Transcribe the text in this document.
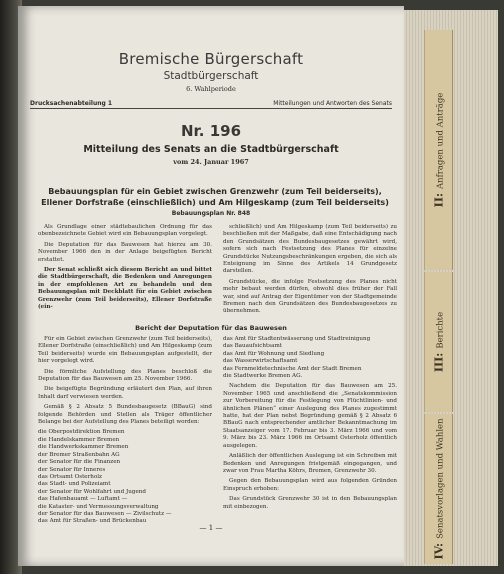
II:Anfragen und Anträge
III:Berichte
IV:Senatsvorlagen und Wahlen
Bremische Bürgerschaft
Stadtbürgerschaft
6. Wahlperiode
Drucksachenabteilung 1	Mitteilungen und Antworten des Senats
Nr. 196
Mitteilung des Senats an die Stadtbürgerschaft
vom 24. Januar 1967
Bebauungsplan für ein Gebiet zwischen Grenzwehr (zum Teil beiderseits), Ellener Dorfstraße (einschließlich) und Am Hilgeskamp (zum Teil beiderseits)
Bebauungsplan Nr. 848

Als Grundlage einer städtebaulichen Ordnung für das obenbezeichnete Gebiet wird ein Bebauungsplan vorgelegt.

Die Deputation für das Bauwesen hat hierzu am 30. November 1966 den in der Anlage beigefügten Bericht erstattet.

Der Senat schließt sich diesem Bericht an und bittet die Stadtbürgerschaft, die Bedenken und Anregungen in der empfohlenen Art zu behandeln und den Bebauungsplan mit Deckblatt für ein Gebiet zwischen Grenzwehr (zum Teil beiderseits), Ellener Dorfstraße (ein-

schließlich) und Am Hilgeskamp (zum Teil beiderseits) zu beschließen mit der Maßgabe, daß eine Entschädigung nach den Grundsätzen des Bundesbaugesetzes gewährt wird, sofern sich nach Festsetzung des Planes für einzelne Grundstücke Nutzungsbeschränkungen ergeben, die sich als Enteignung im Sinne des Artikels 14 Grundgesetz darstellen.

Grundstücke, die infolge Festsetzung des Planes nicht mehr bebaut werden dürfen, obwohl dies früher der Fall war, sind auf Antrag der Eigentümer von der Stadtgemeinde Bremen nach den Grundsätzen des Bundesbaugesetzes zu übernehmen.

Bericht der Deputation für das Bauwesen

Für ein Gebiet zwischen Grenzwehr (zum Teil beiderseits), Ellener Dorfstraße (einschließlich) und Am Hilgeskamp (zum Teil beiderseits) wurde ein Bebauungsplan aufgestellt, der hier vorgelegt wird.

Die förmliche Aufstellung des Planes beschloß die Deputation für das Bauwesen am 25. November 1966.

Die beigefügte Begründung erläutert den Plan, auf ihren Inhalt darf verwiesen werden.

Gemäß § 2 Absatz 5 Bundesbaugesetz (BBauG) sind folgende Behörden und Stellen als Träger öffentlicher Belange bei der Aufstellung des Planes beteiligt worden:

die Oberpostdirektion Bremen

die Handelskammer Bremen

die Handwerkskammer Bremen

der Bremer Straßenbahn AG

der Senator für die Finanzen

der Senator für Inneres

das Ortsamt Osterholz

das Stadt- und Polizeiamt

der Senator für Wohlfahrt und Jugend

das Hafenbauamt — Luftamt —

die Kataster- und Vermessungsverwaltung

der Senator für das Bauwesen — Zivilschutz —

das Amt für Straßen- und Brückenbau

das Amt für Stadtentwässerung und Stadtreinigung

das Bauaufsichtsamt

das Amt für Wohnung und Siedlung

das Wasserwirtschaftsamt

das Fernmeldetechnische Amt der Stadt Bremen

die Stadtwerke Bremen AG.

Nachdem die Deputation für das Bauwesen am 25. November 1965 und anschließend die „Senatskommission zur Vorbereitung für die Festlegung von Flüchtlinien- und ähnlichen Plänen“ einer Auslegung des Planes zugestimmt hatte, hat der Plan nebst Begründung gemäß § 2 Absatz 6 BBauG nach entsprechender amtlicher Bekanntmachung im Staatsanzeiger vom 17. Februar bis 3. März 1966 und vom 9. März bis 23. März 1966 im Ortsamt Osterholz öffentlich ausgelegen.

Anläßlich der öffentlichen Auslegung ist ein Schreiben mit Bedenken und Anregungen fristgemäß eingegangen, und zwar von Frau Martha Köhrs, Bremen, Grenzwehr 30.

Gegen den Bebauungsplan wird aus folgenden Gründen Einspruch erhoben:

Das Grundstück Grenzwehr 30 ist in den Bebauungsplan mit einbezogen.

— 1 —
